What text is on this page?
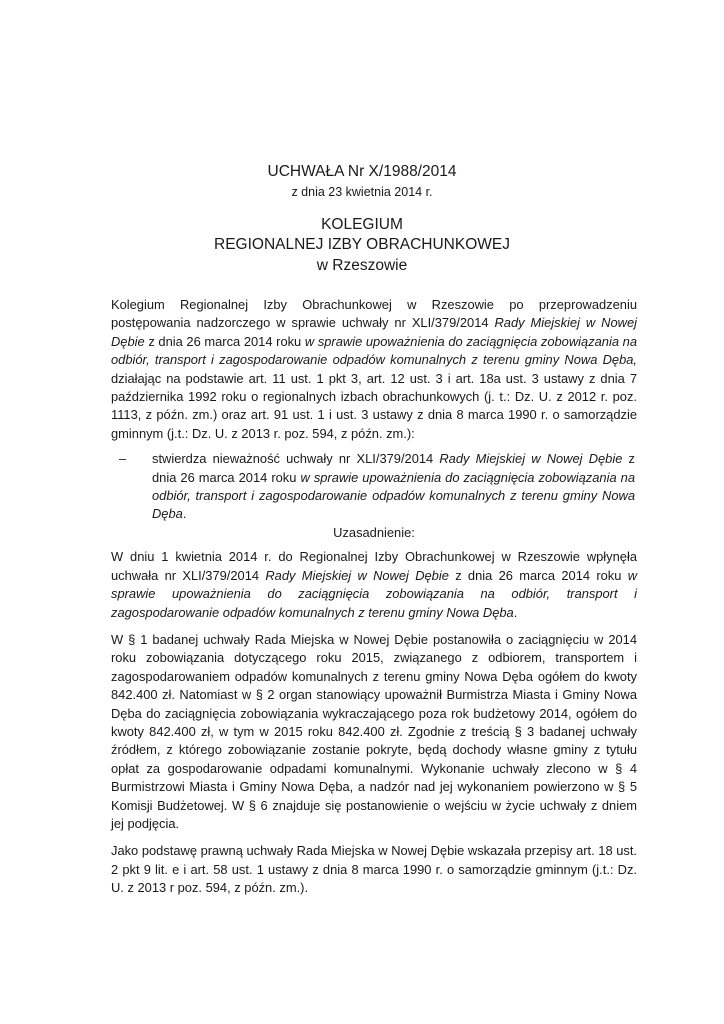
UCHWAŁA Nr X/1988/2014
z dnia 23 kwietnia 2014 r.
KOLEGIUM
REGIONALNEJ IZBY OBRACHUNKOWEJ
w Rzeszowie

Kolegium Regionalnej Izby Obrachunkowej w Rzeszowie po przeprowadzeniu postępowania nadzorczego w sprawie uchwały nr XLI/379/2014 Rady Miejskiej w Nowej Dębie z dnia 26 marca 2014 roku w sprawie upoważnienia do zaciągnięcia zobowiązania na odbiór, transport i zagospodarowanie odpadów komunalnych z terenu gminy Nowa Dęba, działając na podstawie art. 11 ust. 1 pkt 3, art. 12 ust. 3 i art. 18a ust. 3 ustawy z dnia 7 października 1992 roku o regionalnych izbach obrachunkowych (j. t.: Dz. U. z 2012 r. poz. 1113, z późn. zm.) oraz art. 91 ust. 1 i ust. 3 ustawy z dnia 8 marca 1990 r. o samorządzie gminnym (j.t.: Dz. U. z 2013 r. poz. 594, z późn. zm.):

–	stwierdza nieważność uchwały nr XLI/379/2014 Rady Miejskiej w Nowej Dębie z dnia 26 marca 2014 roku w sprawie upoważnienia do zaciągnięcia zobowiązania na odbiór, transport i zagospodarowanie odpadów komunalnych z terenu gminy Nowa Dęba.

Uzasadnienie:

W dniu 1 kwietnia 2014 r. do Regionalnej Izby Obrachunkowej w Rzeszowie wpłynęła uchwała nr XLI/379/2014 Rady Miejskiej w Nowej Dębie z dnia 26 marca 2014 roku w sprawie upoważnienia do zaciągnięcia zobowiązania na odbiór, transport i zagospodarowanie odpadów komunalnych z terenu gminy Nowa Dęba.

W § 1 badanej uchwały Rada Miejska w Nowej Dębie postanowiła o zaciągnięciu w 2014 roku zobowiązania dotyczącego roku 2015, związanego z odbiorem, transportem i zagospodarowaniem odpadów komunalnych z terenu gminy Nowa Dęba ogółem do kwoty 842.400 zł. Natomiast w § 2 organ stanowiący upoważnił Burmistrza Miasta i Gminy Nowa Dęba do zaciągnięcia zobowiązania wykraczającego poza rok budżetowy 2014, ogółem do kwoty 842.400 zł, w tym w 2015 roku 842.400 zł. Zgodnie z treścią § 3 badanej uchwały źródłem, z którego zobowiązanie zostanie pokryte, będą dochody własne gminy z tytułu opłat za gospodarowanie odpadami komunalnymi. Wykonanie uchwały zlecono w § 4 Burmistrzowi Miasta i Gminy Nowa Dęba, a nadzór nad jej wykonaniem powierzono w § 5 Komisji Budżetowej. W § 6 znajduje się postanowienie o wejściu w życie uchwały z dniem jej podjęcia.

Jako podstawę prawną uchwały Rada Miejska w Nowej Dębie wskazała przepisy art. 18 ust. 2 pkt 9 lit. e i art. 58 ust. 1 ustawy z dnia 8 marca 1990 r. o samorządzie gminnym (j.t.: Dz. U. z 2013 r poz. 594, z późn. zm.).
